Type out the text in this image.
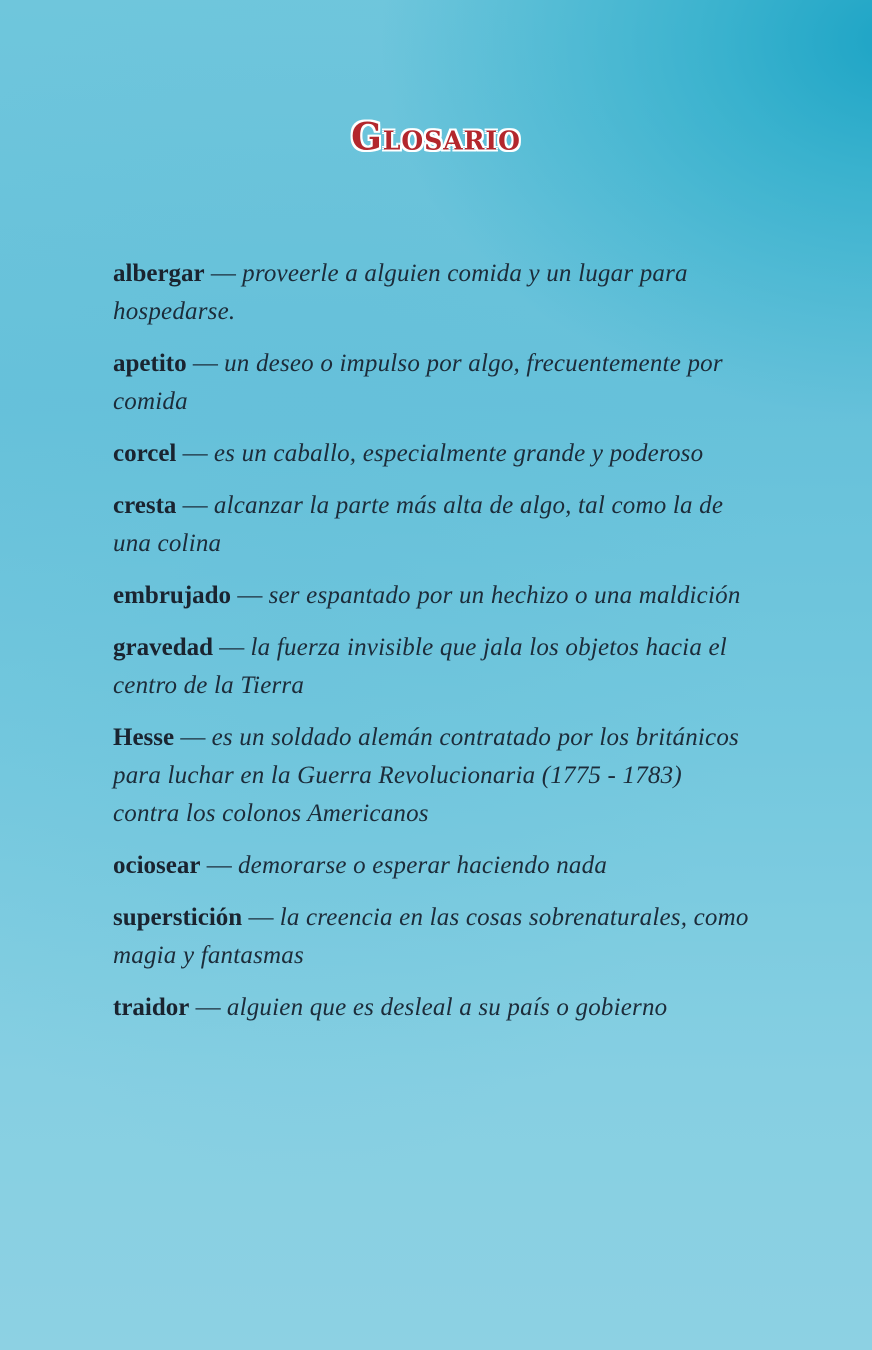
Glosario

albergar — proveerle a alguien comida y un lugar para hospedarse.

apetito — un deseo o impulso por algo, frecuentemente por comida

corcel — es un caballo, especialmente grande y poderoso

cresta — alcanzar la parte más alta de algo, tal como la de una colina

embrujado — ser espantado por un hechizo o una maldición

gravedad — la fuerza invisible que jala los objetos hacia el centro de la Tierra

Hesse — es un soldado alemán contratado por los británicos para luchar en la Guerra Revolucionaria (1775 - 1783) contra los colonos Americanos

ociosear — demorarse o esperar haciendo nada

superstición — la creencia en las cosas sobrenaturales, como magia y fantasmas

traidor — alguien que es desleal a su país o gobierno
